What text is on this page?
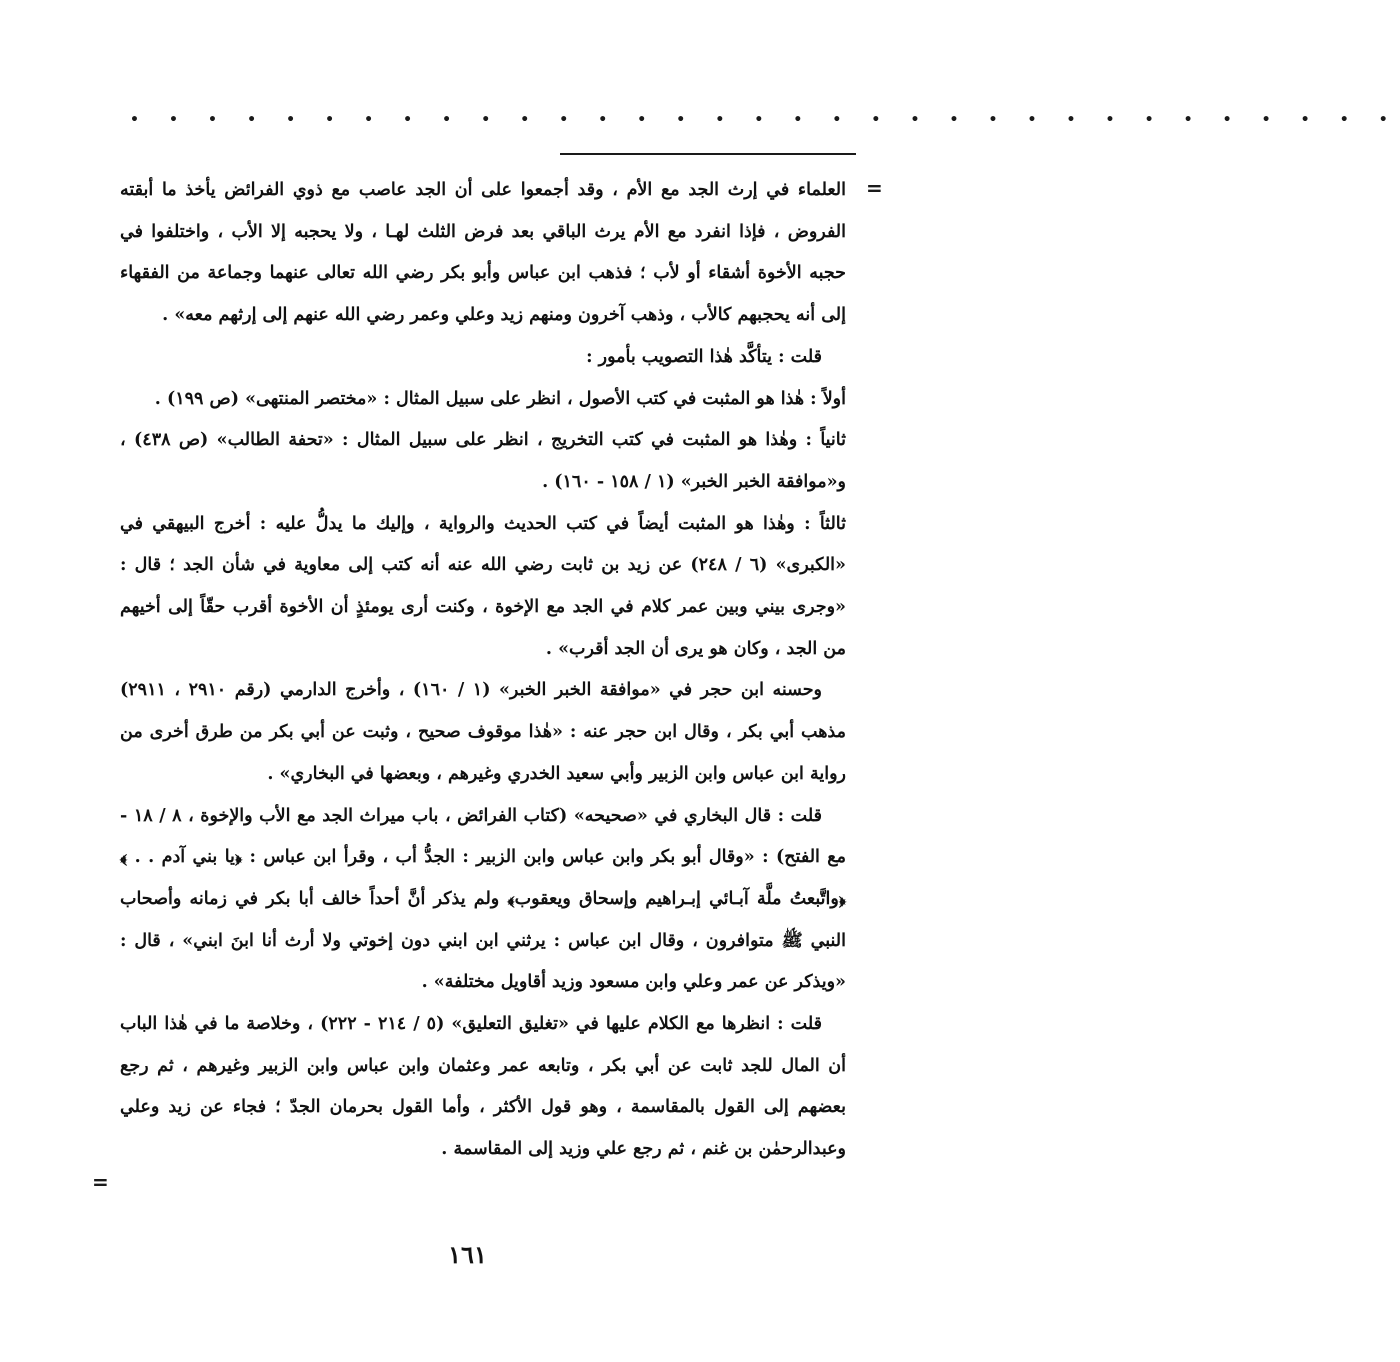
• • • • • • • • • • • • • • • • • • • • • • • • • • • • • • • • •
=

العلماء في إرث الجد مع الأم ، وقد أجمعوا على أن الجد عاصب مع ذوي الفرائض يأخذ ما أبقته الفروض ، فإذا انفرد مع الأم يرث الباقي بعد فرض الثلث لهـا ، ولا يحجبه إلا الأب ، واختلفوا في حجبه الأخوة أشقاء أو لأب ؛ فذهب ابن عباس وأبو بكر رضي الله تعالى عنهما وجماعة من الفقهاء إلى أنه يحجبهم كالأب ، وذهب آخرون ومنهم زيد وعلي وعمر رضي الله عنهم إلى إرثهم معه» .

قلت : يتأكَّد هٰذا التصويب بأمور :

أولاً : هٰذا هو المثبت في كتب الأصول ، انظر على سبيل المثال : «مختصر المنتهى» (ص ١٩٩) .

ثانياً : وهٰذا هو المثبت في كتب التخريج ، انظر على سبيل المثال : «تحفة الطالب» (ص ٤٣٨) ، و«موافقة الخبر الخبر» (١ / ١٥٨ - ١٦٠) .

ثالثاً : وهٰذا هو المثبت أيضاً في كتب الحديث والرواية ، وإليك ما يدلُّ عليه : أخرج البيهقي في «الكبرى» (٦ / ٢٤٨) عن زيد بن ثابت رضي الله عنه أنه كتب إلى معاوية في شأن الجد ؛ قال : «وجرى بيني وبين عمر كلام في الجد مع الإخوة ، وكنت أرى يومئذٍ أن الأخوة أقرب حقّاً إلى أخيهم من الجد ، وكان هو يرى أن الجد أقرب» .

وحسنه ابن حجر في «موافقة الخبر الخبر» (١ / ١٦٠) ، وأخرج الدارمي (رقم ٢٩١٠ ، ٢٩١١) مذهب أبي بكر ، وقال ابن حجر عنه : «هٰذا موقوف صحيح ، وثبت عن أبي بكر من طرق أخرى من رواية ابن عباس وابن الزبير وأبي سعيد الخدري وغيرهم ، وبعضها في البخاري» .

قلت : قال البخاري في «صحيحه» (كتاب الفرائض ، باب ميراث الجد مع الأب والإخوة ، ٨ / ١٨ - مع الفتح) : «وقال أبو بكر وابن عباس وابن الزبير : الجدُّ أب ، وقرأ ابن عباس : ﴿يا بني آدم . . ﴾ ﴿واتَّبعتُ ملَّة آبـائي إبـراهيم وإسحاق ويعقوب﴾ ولم يذكر أنَّ أحداً خالف أبا بكر في زمانه وأصحاب النبي ﷺ متوافرون ، وقال ابن عباس : يرثني ابن ابني دون إخوتي ولا أرث أنا ابنَ ابني» ، قال : «ويذكر عن عمر وعلي وابن مسعود وزيد أقاويل مختلفة» .

قلت : انظرها مع الكلام عليها في «تغليق التعليق» (٥ / ٢١٤ - ٢٢٢) ، وخلاصة ما في هٰذا الباب أن المال للجد ثابت عن أبي بكر ، وتابعه عمر وعثمان وابن عباس وابن الزبير وغيرهم ، ثم رجع بعضهم إلى القول بالمقاسمة ، وهو قول الأكثر ، وأما القول بحرمان الجدّ ؛ فجاء عن زيد وعلي وعبدالرحمٰن بن غنم ، ثم رجع علي وزيد إلى المقاسمة .

=
١٦١
